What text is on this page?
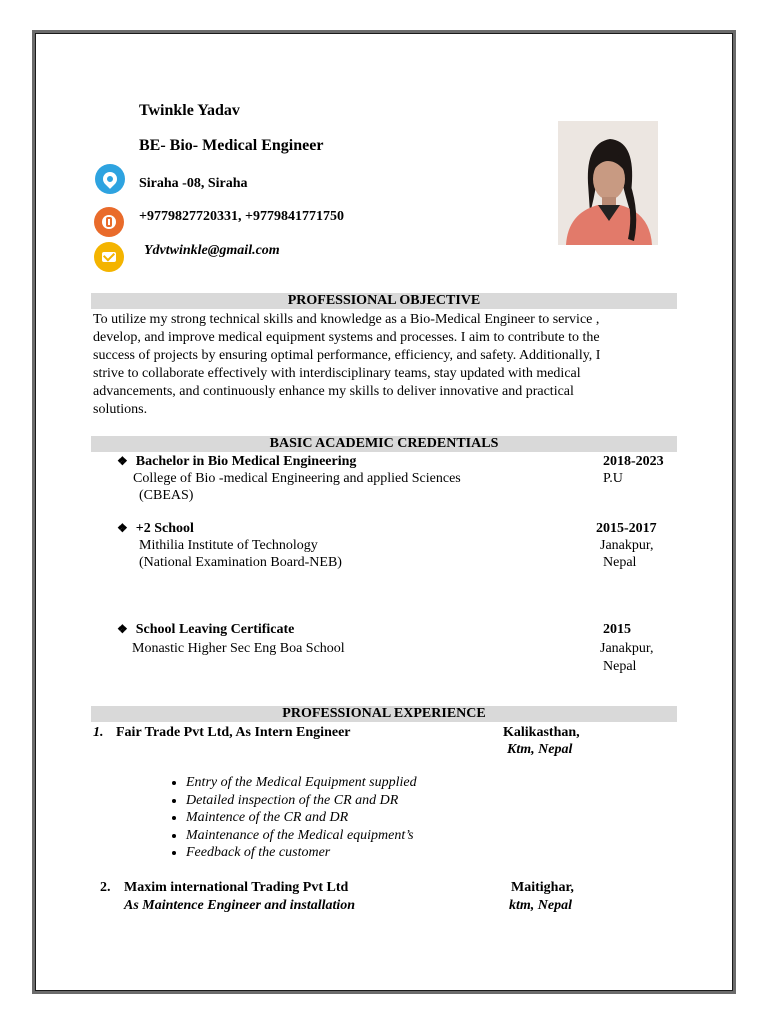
Twinkle Yadav
BE- Bio- Medical Engineer
Siraha -08, Siraha
+9779827720331, +9779841771750
Ydvtwinkle@gmail.com
PROFESSIONAL OBJECTIVE
To utilize my strong technical skills and knowledge as a Bio-Medical Engineer to service ,
develop, and improve medical equipment systems and processes. I aim to contribute to the
success of projects by ensuring optimal performance, efficiency, and safety. Additionally, I
strive to collaborate effectively with interdisciplinary teams, stay updated with medical
advancements, and continuously enhance my skills to deliver innovative and practical
solutions.
BASIC ACADEMIC CREDENTIALS
❖ Bachelor in Bio Medical Engineering	2018-2023
College of Bio -medical Engineering and applied Sciences	P.U
(CBEAS)
❖ +2 School	2015-2017
Mithilia Institute of Technology	Janakpur,
(National Examination Board-NEB)	Nepal
❖ School Leaving Certificate	2015
Monastic Higher Sec Eng Boa School	Janakpur,
Nepal
PROFESSIONAL EXPERIENCE
1. Fair Trade Pvt Ltd, As Intern Engineer	Kalikasthan,
Ktm, Nepal
• Entry of the Medical Equipment supplied
• Detailed inspection of the CR and DR
• Maintence of the CR and DR
• Maintenance of the Medical equipment’s
• Feedback of the customer
2. Maxim international Trading Pvt Ltd	Maitighar,
As Maintence Engineer and installation	ktm, Nepal
